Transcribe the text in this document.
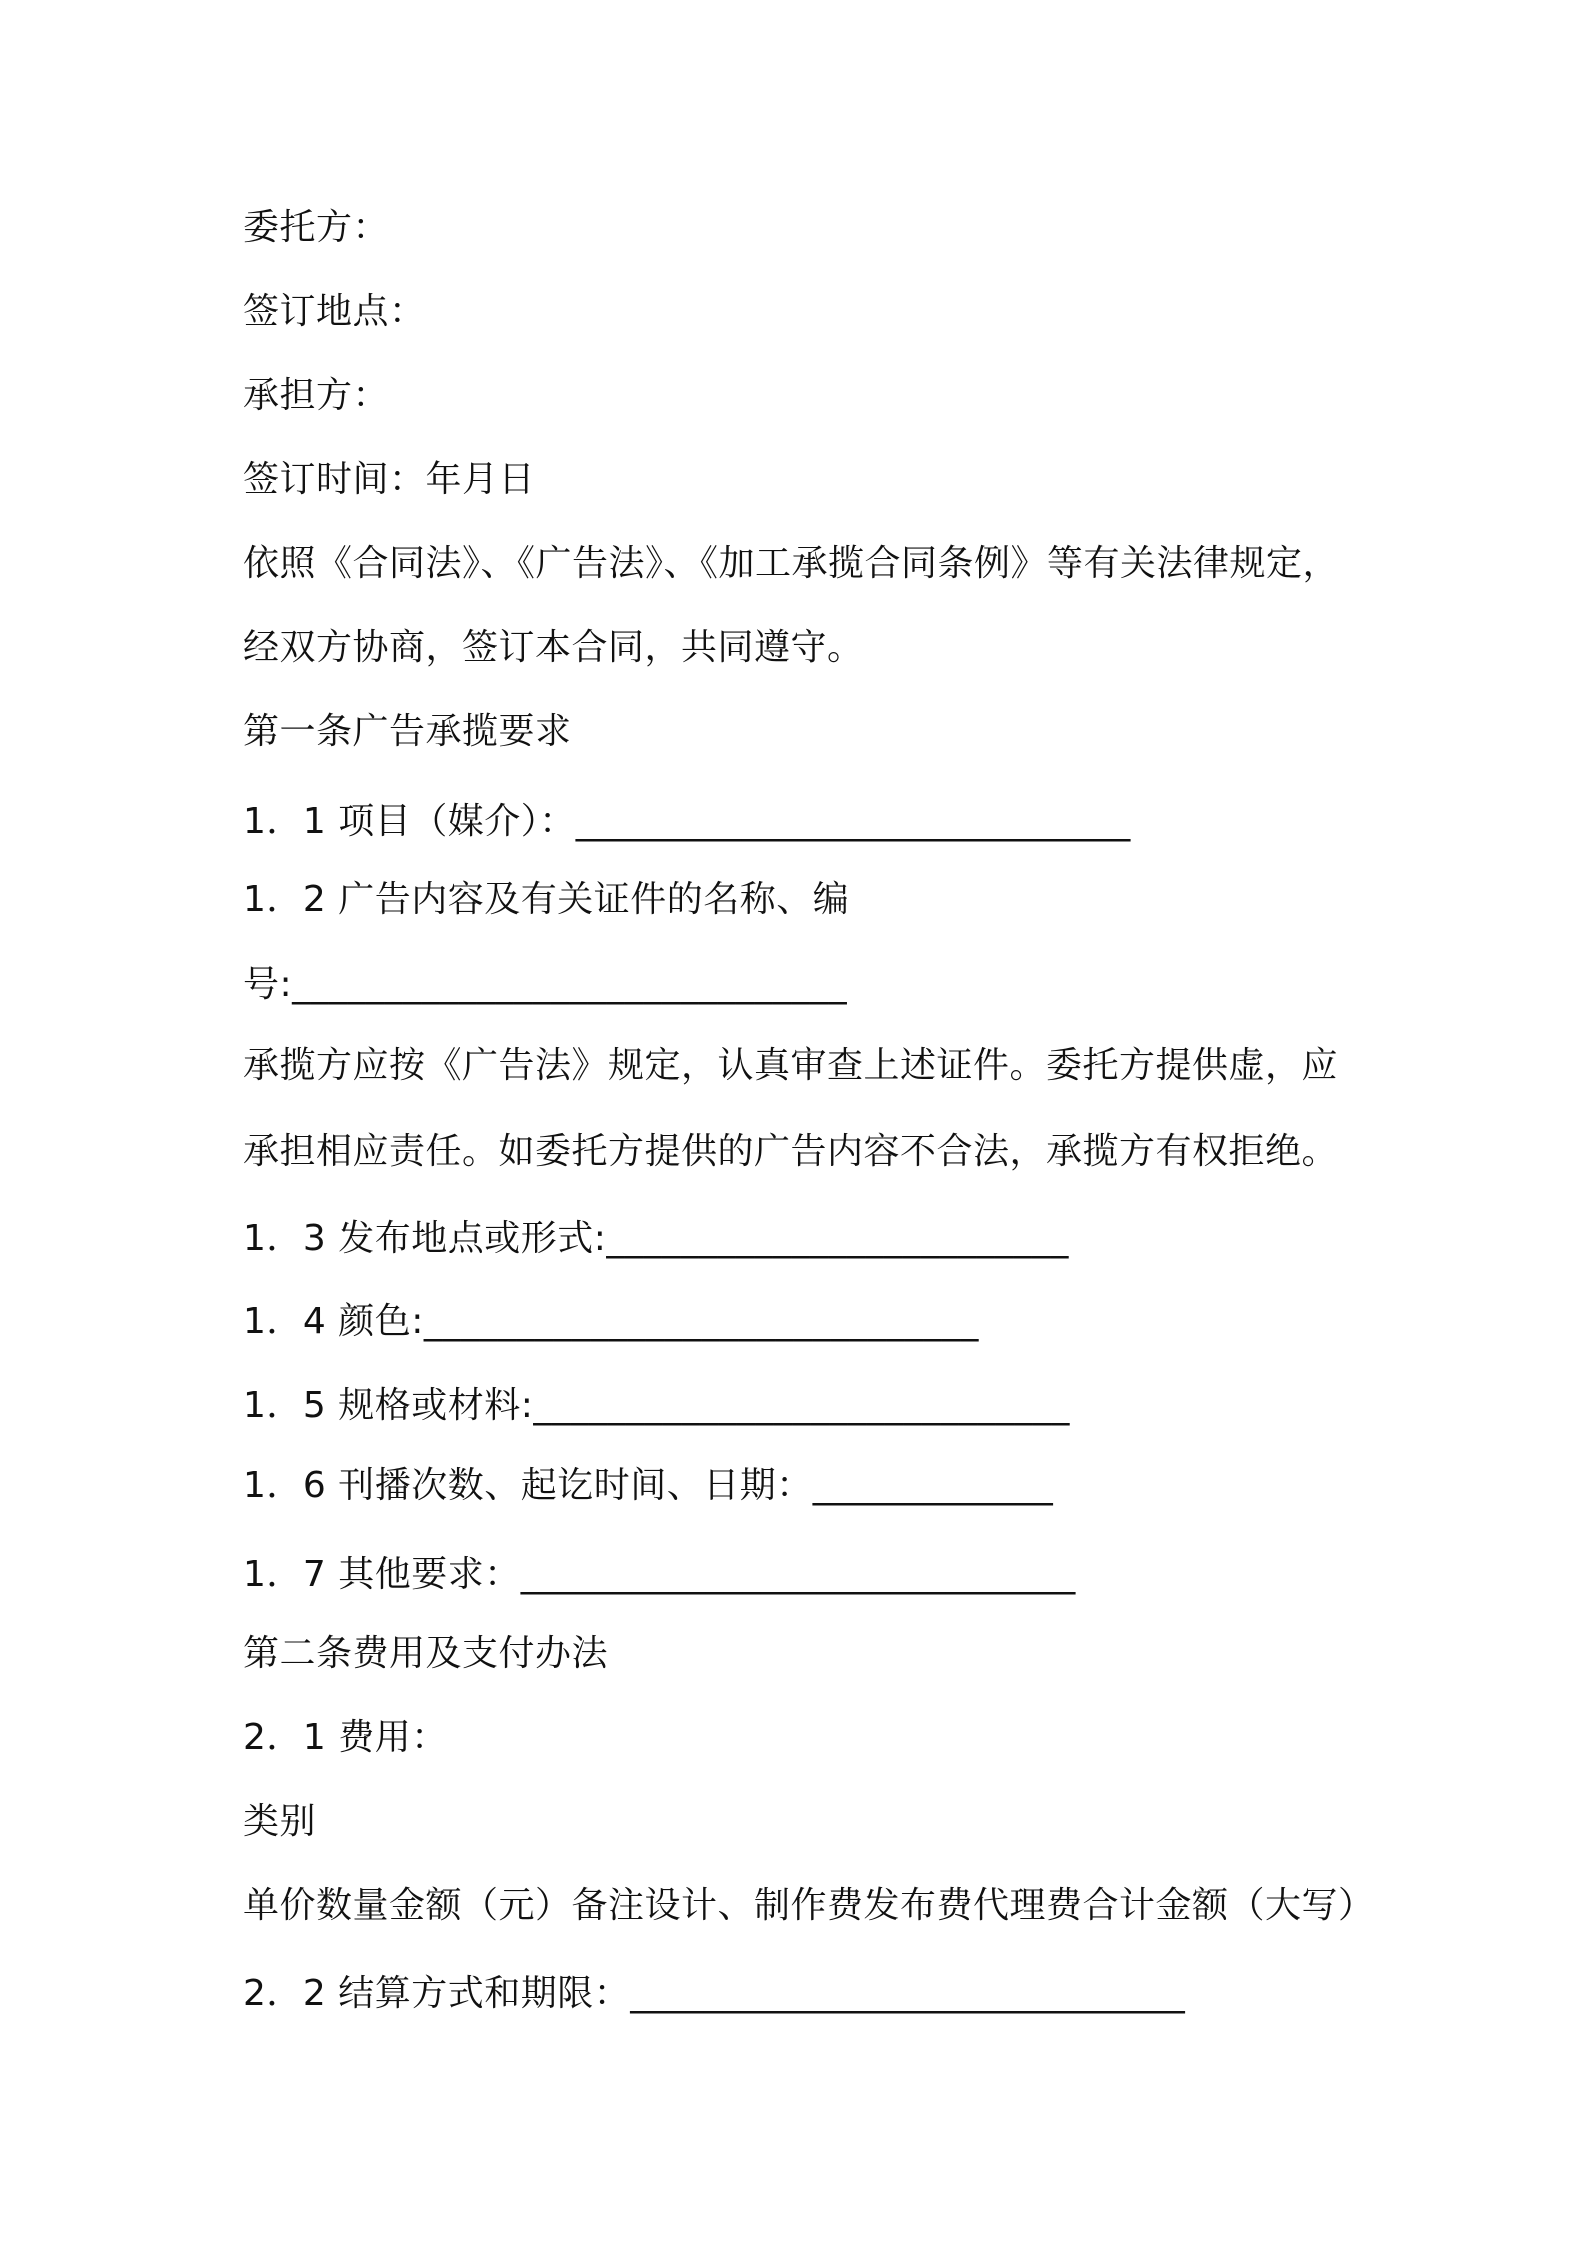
委托方：
签订地点：
承担方：
签订时间：年月日
依照《合同法》、《广告法》、《加工承揽合同条例》等有关法律规定，
经双方协商，签订本合同，共同遵守。
第一条广告承揽要求
1．1 项目（媒介）：______________________________
1．2 广告内容及有关证件的名称、编
号:______________________________
承揽方应按《广告法》规定，认真审查上述证件。委托方提供虚，应
承担相应责任。如委托方提供的广告内容不合法，承揽方有权拒绝。
1．3 发布地点或形式:_________________________
1．4 颜色:______________________________
1．5 规格或材料:_____________________________
1．6 刊播次数、起讫时间、日期：_____________
1．7 其他要求：______________________________
第二条费用及支付办法
2．1 费用：
类别
单价数量金额（元）备注设计、制作费发布费代理费合计金额（大写）
2．2 结算方式和期限：______________________________
